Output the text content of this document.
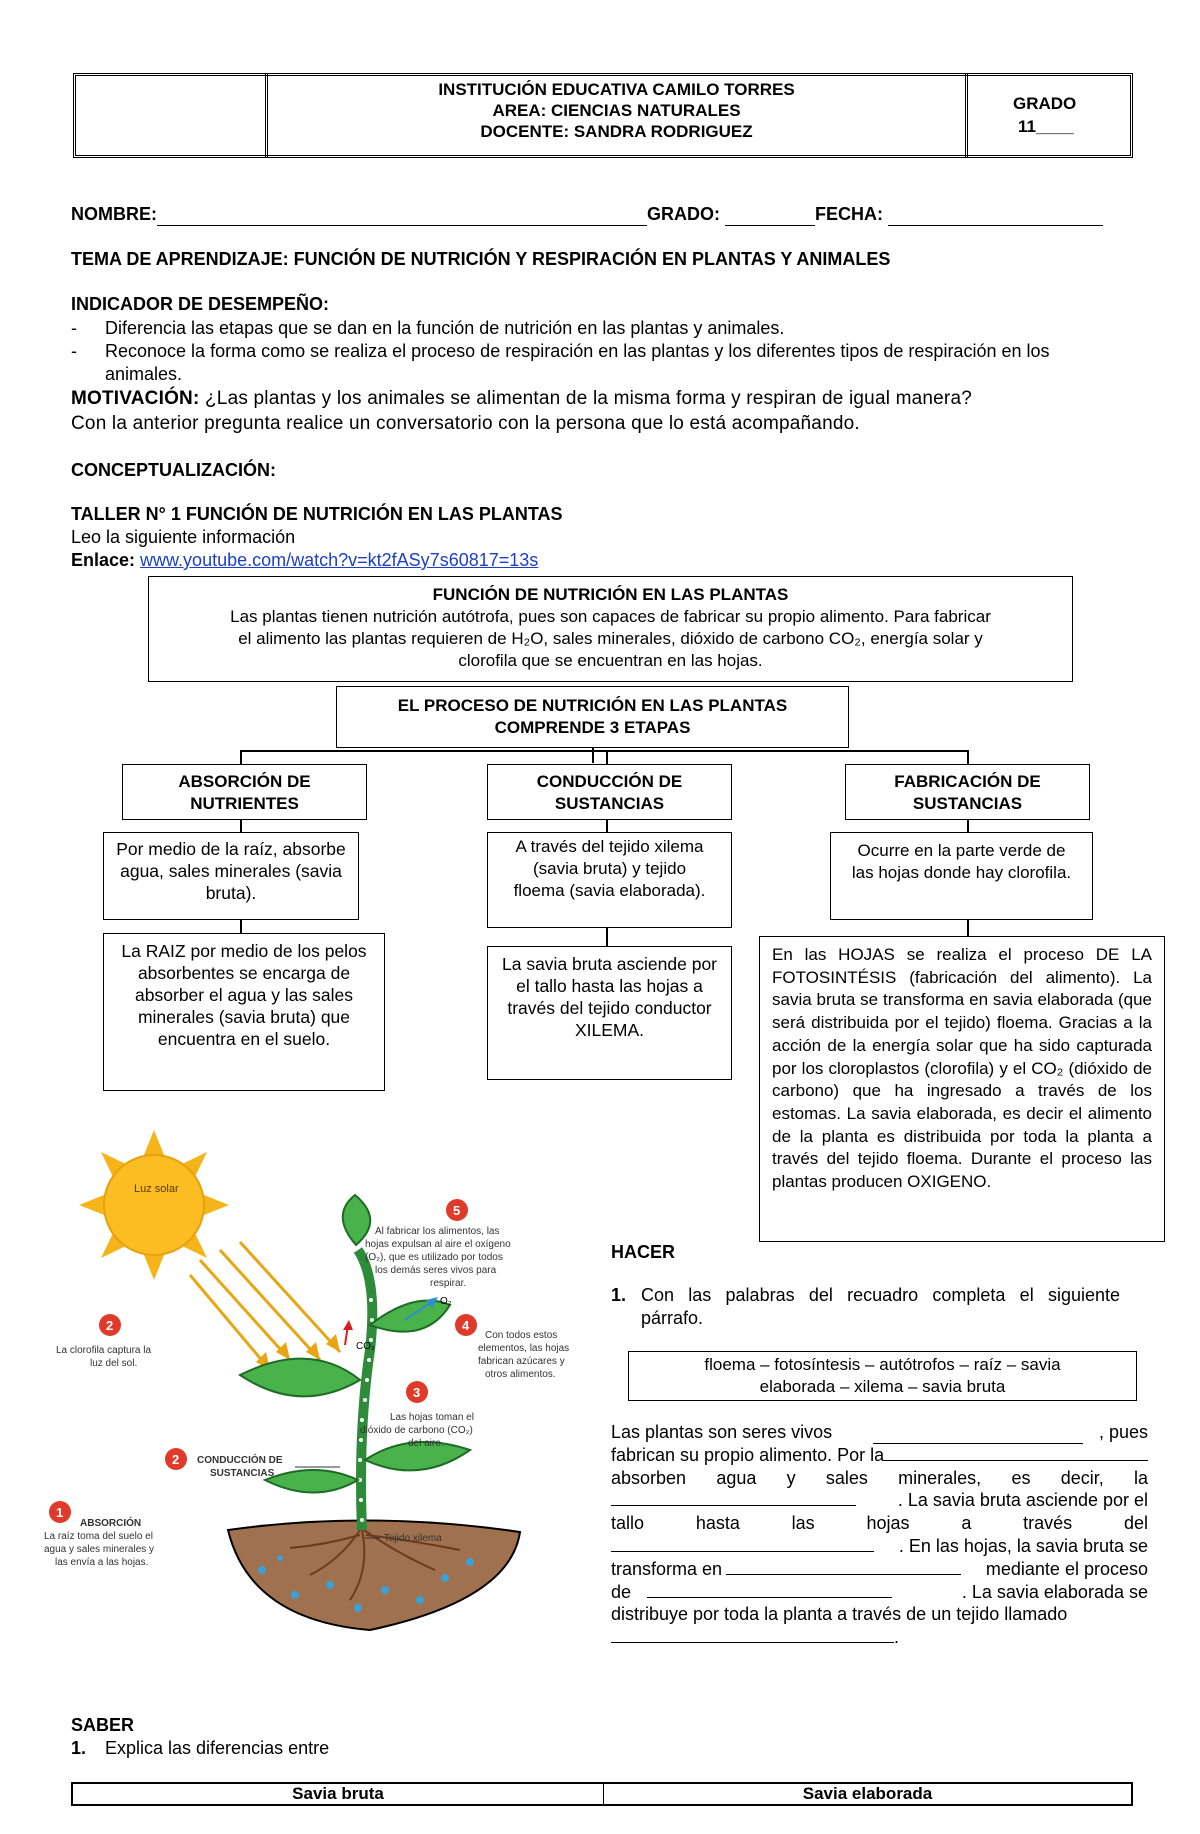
INSTITUCIÓN EDUCATIVA CAMILO TORRES
AREA: CIENCIAS NATURALES
DOCENTE: SANDRA RODRIGUEZ
GRADO
11____
NOMBRE:	GRADO:	FECHA:
TEMA DE APRENDIZAJE: FUNCIÓN DE NUTRICIÓN Y RESPIRACIÓN EN PLANTAS Y ANIMALES
INDICADOR DE DESEMPEÑO:
- Diferencia las etapas que se dan en la función de nutrición en las plantas y animales.
- Reconoce la forma como se realiza el proceso de respiración en las plantas y los diferentes tipos de respiración en los animales.
MOTIVACIÓN: ¿Las plantas y los animales se alimentan de la misma forma y respiran de igual manera?
Con la anterior pregunta realice un conversatorio con la persona que lo está acompañando.
CONCEPTUALIZACIÓN:
TALLER N° 1 FUNCIÓN DE NUTRICIÓN EN LAS PLANTAS
Leo la siguiente información
Enlace: www.youtube.com/watch?v=kt2fASy7s60817=13s
FUNCIÓN DE NUTRICIÓN EN LAS PLANTAS
Las plantas tienen nutrición autótrofa, pues son capaces de fabricar su propio alimento. Para fabricar
el alimento las plantas requieren de H₂O, sales minerales, dióxido de carbono CO₂, energía solar y
clorofila que se encuentran en las hojas.
EL PROCESO DE NUTRICIÓN EN LAS PLANTAS
COMPRENDE 3 ETAPAS
ABSORCIÓN DE
NUTRIENTES
CONDUCCIÓN DE
SUSTANCIAS
FABRICACIÓN DE
SUSTANCIAS
Por medio de la raíz, absorbe agua, sales minerales (savia bruta).
A través del tejido xilema (savia bruta) y tejido floema (savia elaborada).
Ocurre en la parte verde de las hojas donde hay clorofila.
La RAIZ por medio de los pelos absorbentes se encarga de absorber el agua y las sales minerales (savia bruta) que encuentra en el suelo.
La savia bruta asciende por el tallo hasta las hojas a través del tejido conductor XILEMA.
En las HOJAS se realiza el proceso DE LA FOTOSINTÉSIS (fabricación del alimento). La savia bruta se transforma en savia elaborada (que será distribuida por el tejido) floema. Gracias a la acción de la energía solar que ha sido capturada por los cloroplastos (clorofila) y el CO₂ (dióxido de carbono) que ha ingresado a través de los estomas. La savia elaborada, es decir el alimento de la planta es distribuida por toda la planta a través del tejido floema. Durante el proceso las plantas producen OXIGENO.
Luz solar
O₂
CO₂
5
2	4
3
2
1
Al fabricar los alimentos, las
hojas expulsan al aire el oxígeno
(O₂), que es utilizado por todos
los demás seres vivos para
respirar.
La clorofila captura la
luz del sol.
Con todos estos
elementos, las hojas
fabrican azúcares y
otros alimentos.
Las hojas toman el
dióxido de carbono (CO₂)
del aire.
CONDUCCIÓN DE
SUSTANCIAS
ABSORCIÓN
La raíz toma del suelo el
agua y sales minerales y
las envía a las hojas.
Tejido xilema
HACER
1. Con las palabras del recuadro completa el siguiente párrafo.
floema – fotosíntesis – autótrofos – raíz – savia
elaborada – xilema – savia bruta
Las plantas son seres vivos	, pues
fabrican su propio alimento. Por la
absorben agua y sales minerales, es decir, la
. La savia bruta asciende por el
tallo hasta las hojas a través del
. En las hojas, la savia bruta se
transforma en	mediante el proceso
de	. La savia elaborada se
distribuye por toda la planta a través de un tejido llamado
.
SABER
1. Explica las diferencias entre
Savia bruta	Savia elaborada
